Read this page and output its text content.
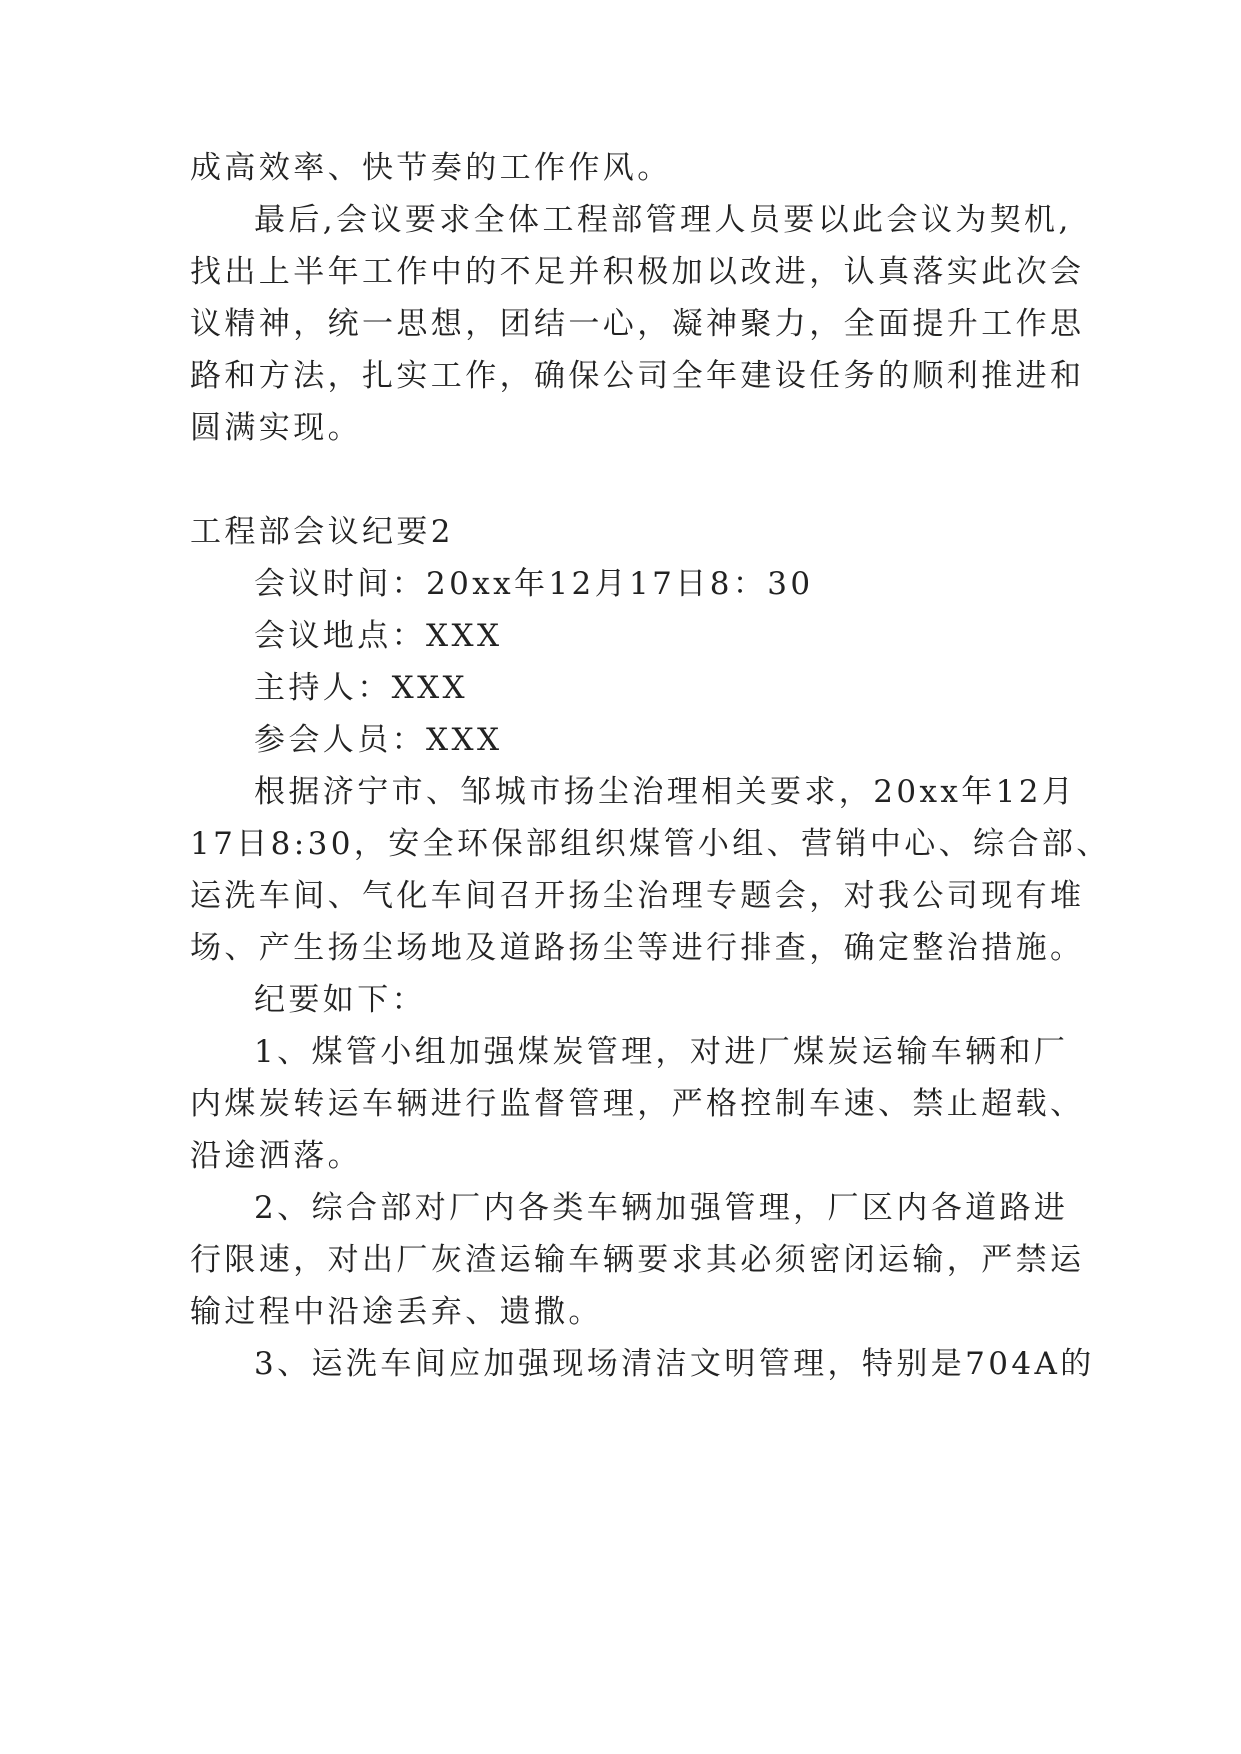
成高效率、快节奏的工作作风。
最后,会议要求全体工程部管理人员要以此会议为契机,
找出上半年工作中的不足并积极加以改进，认真落实此次会
议精神，统一思想，团结一心，凝神聚力，全面提升工作思
路和方法，扎实工作，确保公司全年建设任务的顺利推进和
圆满实现。
工程部会议纪要2
会议时间：20xx年12月17日8：30
会议地点：XXX
主持人：XXX
参会人员：XXX
根据济宁市、邹城市扬尘治理相关要求，20xx年12月
17日8:30，安全环保部组织煤管小组、营销中心、综合部、
运洗车间、气化车间召开扬尘治理专题会，对我公司现有堆
场、产生扬尘场地及道路扬尘等进行排查，确定整治措施。
纪要如下：
1、煤管小组加强煤炭管理，对进厂煤炭运输车辆和厂
内煤炭转运车辆进行监督管理，严格控制车速、禁止超载、
沿途洒落。
2、综合部对厂内各类车辆加强管理，厂区内各道路进
行限速，对出厂灰渣运输车辆要求其必须密闭运输，严禁运
输过程中沿途丢弃、遗撒。
3、运洗车间应加强现场清洁文明管理，特别是704A的
